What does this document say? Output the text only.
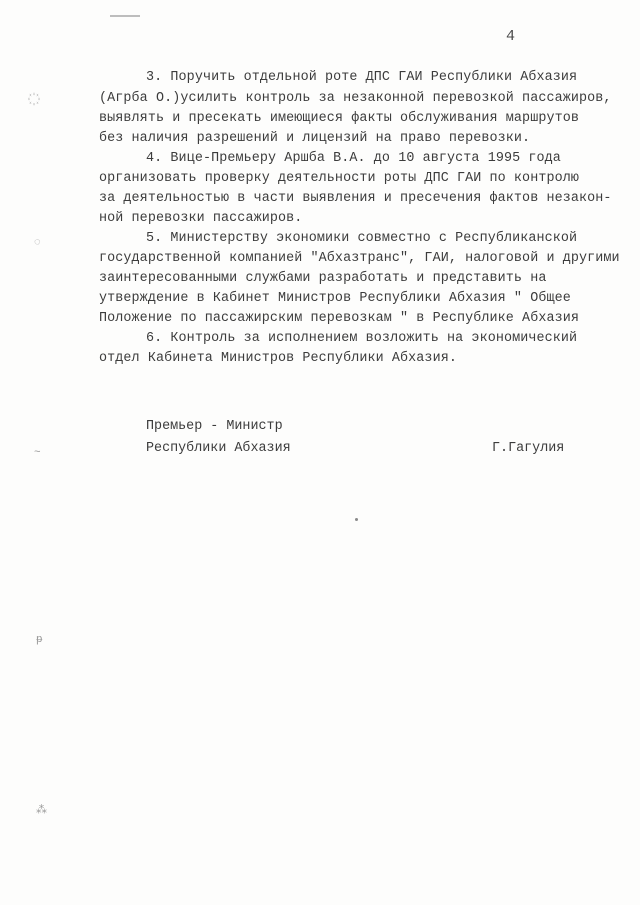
4
3. Поручить отдельной роте ДПС ГАИ Республики Абхазия
(Агрба О.)усилить контроль за незаконной перевозкой пассажиров,
выявлять и пресекать имеющиеся факты обслуживания маршрутов
без наличия разрешений и лицензий на право перевозки.
4. Вице-Премьеру Аршба В.А. до 10 августа 1995 года
организовать проверку деятельности роты ДПС ГАИ по контролю
за деятельностью в части выявления и пресечения фактов незакон-
ной перевозки пассажиров.
5. Министерству экономики совместно с Республиканской
государственной компанией "Абхазтранс", ГАИ, налоговой и другими
заинтересованными службами разработать и представить на
утверждение в Кабинет Министров Республики Абхазия " Общее
Положение по пассажирским перевозкам " в Республике Абхазия
6. Контроль за исполнением возложить на экономический
отдел Кабинета Министров Республики Абхазия.
Премьер - Министр
Республики Абхазия	Г.Гагулия
◌
~
ᵽ
⁂
